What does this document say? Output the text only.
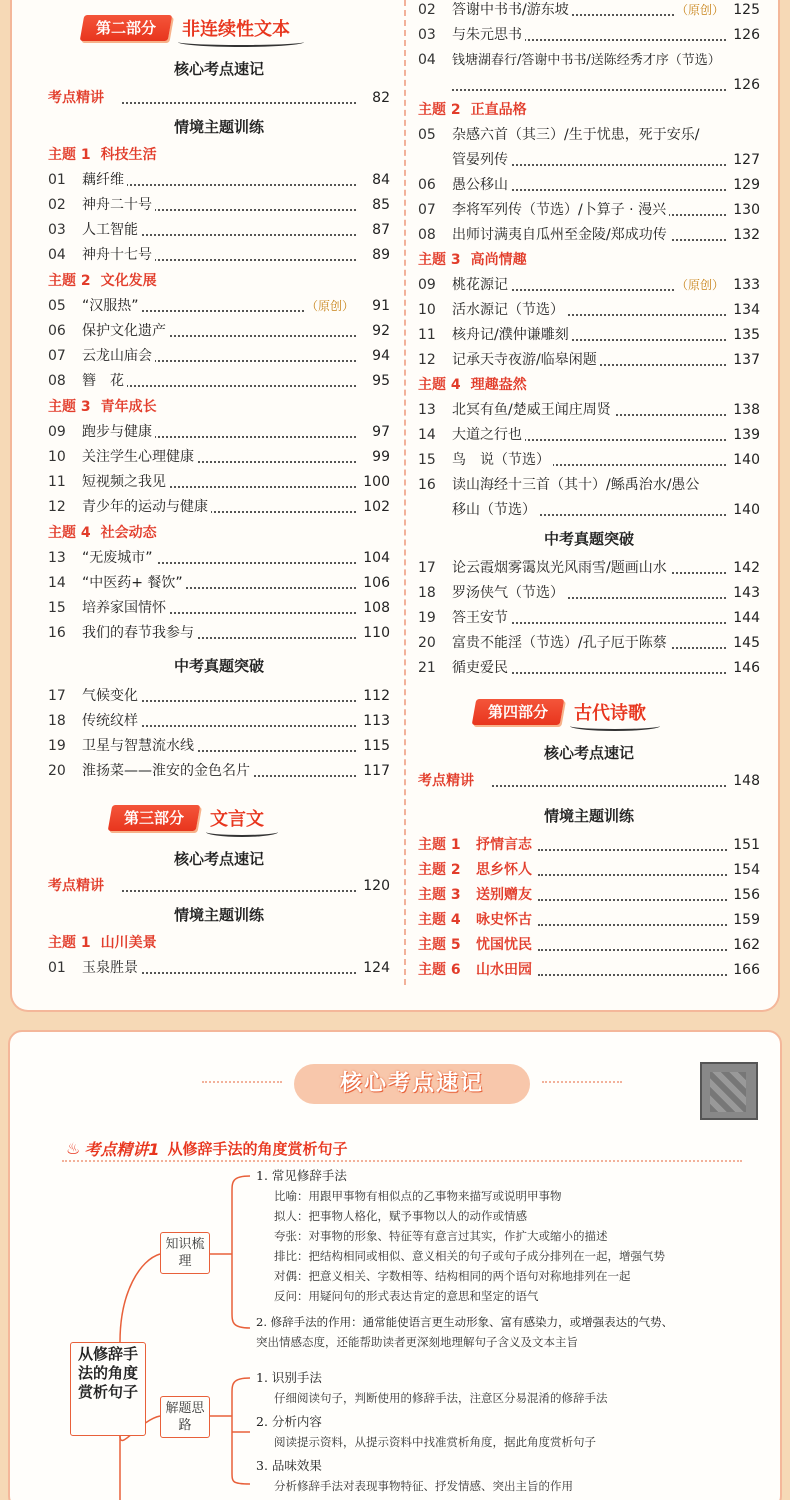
第二部分	非连续性文本
核心考点速记
考点精讲	82
情境主题训练
主题 1 科技生活
01	藕纤维	84
02	神舟二十号	85
03	人工智能	87
04	神舟十七号	89
主题 2 文化发展
05	“汉服热”	（原创）	91
06	保护文化遗产	92
07	云龙山庙会	94
08	簪　花	95
主题 3 青年成长
09	跑步与健康	97
10	关注学生心理健康	99
11	短视频之我见	100
12	青少年的运动与健康	102
主题 4 社会动态
13	“无废城市”	104
14	“中医药+ 餐饮”	106
15	培养家国情怀	108
16	我们的春节我参与	110
中考真题突破
17	气候变化	112
18	传统纹样	113
19	卫星与智慧流水线	115
20	淮扬菜——淮安的金色名片	117
第三部分	文言文
核心考点速记
考点精讲	120
情境主题训练
主题 1 山川美景
01	玉泉胜景	124
02	答谢中书书/游东坡	（原创） 125
03	与朱元思书	126
04	钱塘湖春行/答谢中书书/送陈经秀才序（节选）
126
主题 2 正直品格
05	杂感六首（其三）/生于忧患，死于安乐/
管晏列传	127
06	愚公移山	129
07	李将军列传（节选）/卜算子 · 漫兴	130
08	出师讨满夷自瓜州至金陵/郑成功传	132
主题 3 高尚情趣
09	桃花源记	（原创） 133
10	活水源记（节选）	134
11	核舟记/濮仲谦雕刻	135
12	记承天寺夜游/临皋闲题	137
主题 4 理趣盎然
13	北冥有鱼/楚威王闻庄周贤	138
14	大道之行也	139
15	鸟　说（节选）	140
16	读山海经十三首（其十）/鲧禹治水/愚公
移山（节选）	140
中考真题突破
17	论云霞烟雾霭岚光风雨雪/题画山水	142
18	罗汤侠气（节选）	143
19	答王安节	144
20	富贵不能淫（节选）/孔子厄于陈蔡	145
21	循吏爱民	146
第四部分	古代诗歌
核心考点速记
考点精讲	148
情境主题训练
主题 1	抒情言志	151
主题 2	思乡怀人	154
主题 3	送别赠友	156
主题 4	咏史怀古	159
主题 5	忧国忧民	162
主题 6	山水田园	166
核心考点速记
♨ 考点精讲1 从修辞手法的角度赏析句子
从修辞手法的角度赏析句子
知识梳理
解题思路
1. 常见修辞手法
比喻：用跟甲事物有相似点的乙事物来描写或说明甲事物
拟人：把事物人格化，赋予事物以人的动作或情感
夸张：对事物的形象、特征等有意言过其实，作扩大或缩小的描述
排比：把结构相同或相似、意义相关的句子或句子成分排列在一起，增强气势
对偶：把意义相关、字数相等、结构相同的两个语句对称地排列在一起
反问：用疑问句的形式表达肯定的意思和坚定的语气
2. 修辞手法的作用：通常能使语言更生动形象、富有感染力，或增强表达的气势、
突出情感态度，还能帮助读者更深刻地理解句子含义及文本主旨
1. 识别手法
仔细阅读句子，判断使用的修辞手法，注意区分易混淆的修辞手法
2. 分析内容
阅读提示资料，从提示资料中找准赏析角度，据此角度赏析句子
3. 品味效果
分析修辞手法对表现事物特征、抒发情感、突出主旨的作用
